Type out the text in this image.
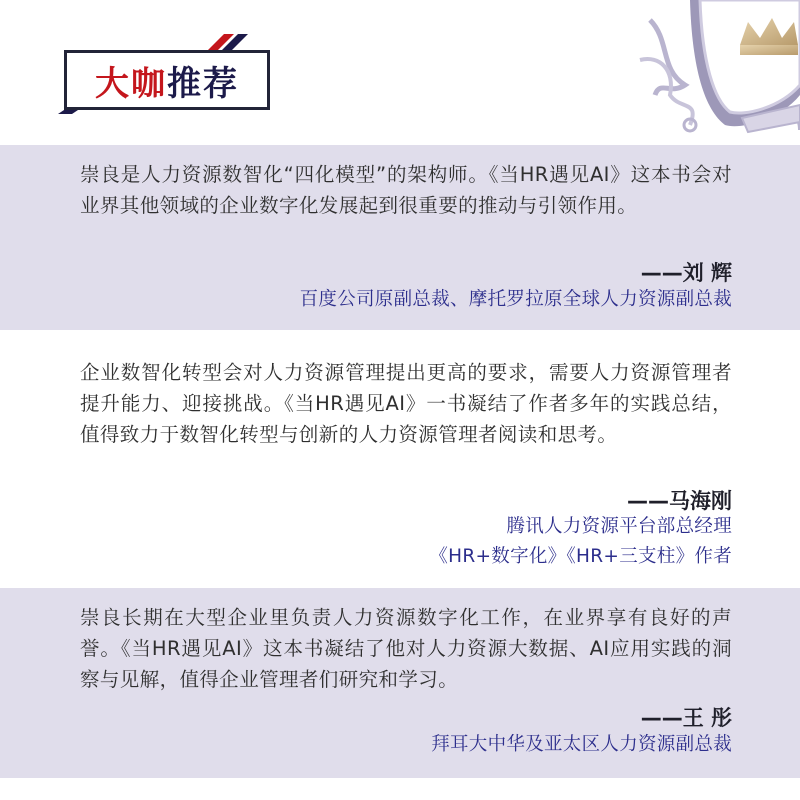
大咖 推荐
崇良是人力资源数智化“四化模型”的架构师。《当HR遇见AI》这本书会对业界其他领域的企业数字化发展起到很重要的推动与引领作用。
——刘 辉
百度公司原副总裁、摩托罗拉原全球人力资源副总裁
企业数智化转型会对人力资源管理提出更高的要求，需要人力资源管理者提升能力、迎接挑战。《当HR遇见AI》一书凝结了作者多年的实践总结，值得致力于数智化转型与创新的人力资源管理者阅读和思考。
——马海刚
腾讯人力资源平台部总经理
《HR+数字化》《HR+三支柱》作者
崇良长期在大型企业里负责人力资源数字化工作，在业界享有良好的声誉。《当HR遇见AI》这本书凝结了他对人力资源大数据、AI应用实践的洞察与见解，值得企业管理者们研究和学习。
——王 彤
拜耳大中华及亚太区人力资源副总裁
